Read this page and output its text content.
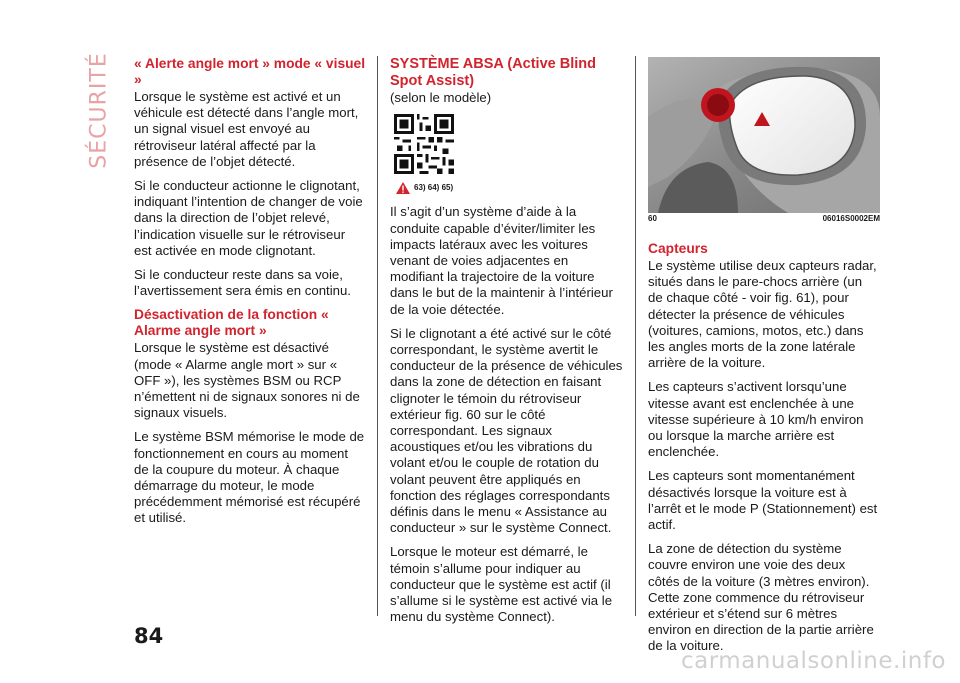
SÉCURITÉ « Alerte angle mort » mode « visuel »

Lorsque le système est activé et un véhicule est détecté dans l’angle mort, un signal visuel est envoyé au rétroviseur latéral affecté par la présence de l’objet détecté.

Si le conducteur actionne le clignotant, indiquant l’intention de changer de voie dans la direction de l’objet relevé, l’indication visuelle sur le rétroviseur est activée en mode clignotant.

Si le conducteur reste dans sa voie, l’avertissement sera émis en continu.

Désactivation de la fonction « Alarme angle mort »

Lorsque le système est désactivé (mode « Alarme angle mort » sur « OFF »), les systèmes BSM ou RCP n’émettent ni de signaux sonores ni de signaux visuels.

Le système BSM mémorise le mode de fonctionnement en cours au moment de la coupure du moteur. À chaque démarrage du moteur, le mode précédemment mémorisé est récupéré et utilisé.

SYSTÈME ABSA (Active Blind Spot Assist)

(selon le modèle)

63) 64) 65)

Il s’agit d’un système d’aide à la conduite capable d’éviter/limiter les impacts latéraux avec les voitures venant de voies adjacentes en modifiant la trajectoire de la voiture dans le but de la maintenir à l’intérieur de la voie détectée.

Si le clignotant a été activé sur le côté correspondant, le système avertit le conducteur de la présence de véhicules dans la zone de détection en faisant clignoter le témoin du rétroviseur extérieur fig. 60 sur le côté correspondant. Les signaux acoustiques et/ou les vibrations du volant et/ou le couple de rotation du volant peuvent être appliqués en fonction des réglages correspondants définis dans le menu « Assistance au conducteur » sur le système Connect.

Lorsque le moteur est démarré, le témoin s’allume pour indiquer au conducteur que le système est actif (il s’allume si le système est activé via le menu du système Connect).

60	06016S0002EM
Capteurs

Le système utilise deux capteurs radar, situés dans le pare-chocs arrière (un de chaque côté - voir fig. 61), pour détecter la présence de véhicules (voitures, camions, motos, etc.) dans les angles morts de la zone latérale arrière de la voiture.

Les capteurs s’activent lorsqu’une vitesse avant est enclenchée à une vitesse supérieure à 10 km/h environ ou lorsque la marche arrière est enclenchée.

Les capteurs sont momentanément désactivés lorsque la voiture est à l’arrêt et le mode P (Stationnement) est actif.

La zone de détection du système couvre environ une voie des deux côtés de la voiture (3 mètres environ). Cette zone commence du rétroviseur extérieur et s’étend sur 6 mètres environ en direction de la partie arrière de la voiture.

84
carmanualsonline.info
